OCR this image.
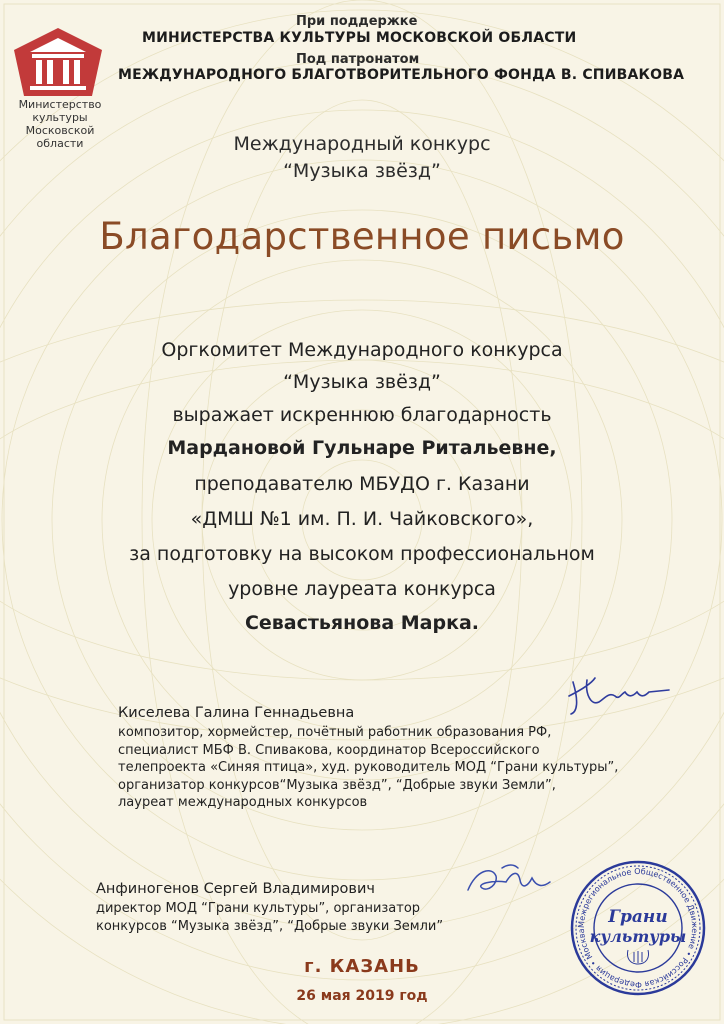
Министерство
культуры
Московской
области
При поддержке
МИНИСТЕРСТВА КУЛЬТУРЫ МОСКОВСКОЙ ОБЛАСТИ
Под патронатом
МЕЖДУНАРОДНОГО БЛАГОТВОРИТЕЛЬНОГО ФОНДА В. СПИВАКОВА
Международный конкурс
“Музыка звёзд”
Благодарственное письмо
Оргкомитет Международного конкурса
“Музыка звёзд”
выражает искреннюю благодарность
Мардановой Гульнаре Ритальевне,
преподавателю МБУДО г. Казани
«ДМШ №1 им. П. И. Чайковского»,
за подготовку на высоком профессиональном
уровне лауреата конкурса
Севастьянова Марка.
Киселева Галина Геннадьевна
композитор, хормейстер, почётный работник образования РФ,
специалист МБФ В. Спивакова, координатор Всероссийского
телепроекта «Синяя птица», худ. руководитель МОД “Грани культуры”,
организатор конкурсов“Музыка звёзд”, “Добрые звуки Земли”,
лауреат международных конкурсов
Анфиногенов Сергей Владимирович
директор МОД “Грани культуры”, организатор
конкурсов “Музыка звёзд”, “Добрые звуки Земли”	Межрегиональное Общественное Движение • Российская Федерация • Москва
Грани
культуры
г. КАЗАНЬ
26 мая 2019 год
